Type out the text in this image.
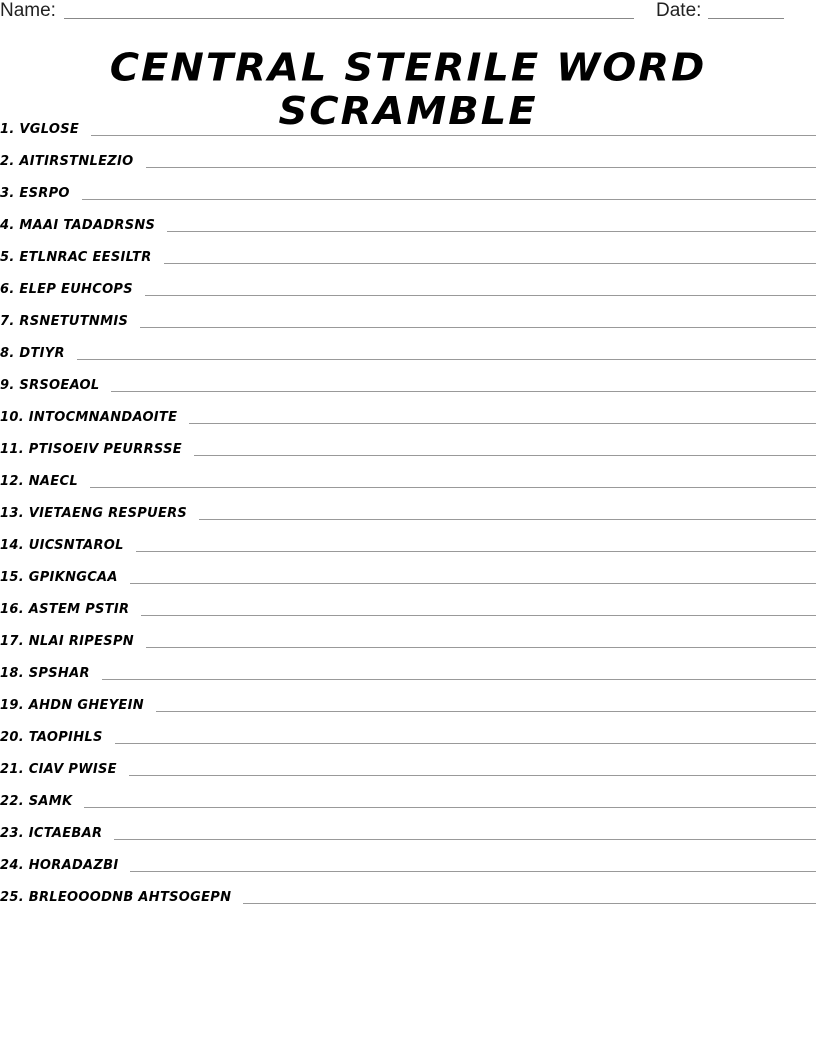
Name:	Date:
CENTRAL STERILE WORD SCRAMBLE
1. VGLOSE
2. AITIRSTNLEZIO
3. ESRPO
4. MAAI TADADRSNS
5. ETLNRAC EESILTR
6. ELEP EUHCOPS
7. RSNETUTNMIS
8. DTIYR
9. SRSOEAOL
10. INTOCMNANDAOITE
11. PTISOEIV PEURRSSE
12. NAECL
13. VIETAENG RESPUERS
14. UICSNTAROL
15. GPIKNGCAA
16. ASTEM PSTIR
17. NLAI RIPESPN
18. SPSHAR
19. AHDN GHEYEIN
20. TAOPIHLS
21. CIAV PWISE
22. SAMK
23. ICTAEBAR
24. HORADAZBI
25. BRLEOOODNB AHTSOGEPN
